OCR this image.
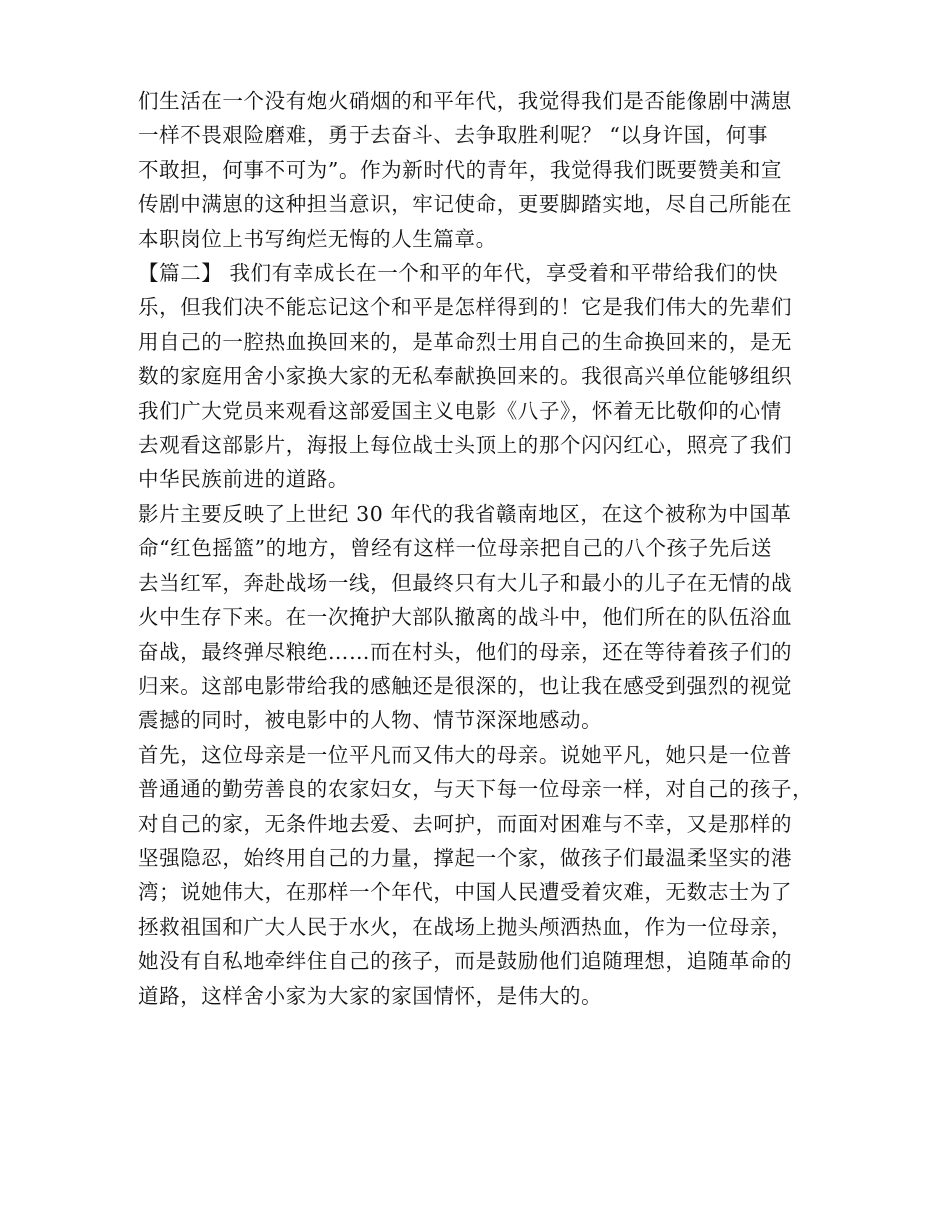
们生活在一个没有炮火硝烟的和平年代，我觉得我们是否能像剧中满崽
一样不畏艰险磨难，勇于去奋斗、去争取胜利呢？ “以身许国，何事
不敢担，何事不可为”。作为新时代的青年，我觉得我们既要赞美和宣
传剧中满崽的这种担当意识，牢记使命，更要脚踏实地，尽自己所能在
本职岗位上书写绚烂无悔的人生篇章。
【篇二】 我们有幸成长在一个和平的年代，享受着和平带给我们的快
乐，但我们决不能忘记这个和平是怎样得到的！它是我们伟大的先辈们
用自己的一腔热血换回来的，是革命烈士用自己的生命换回来的，是无
数的家庭用舍小家换大家的无私奉献换回来的。我很高兴单位能够组织
我们广大党员来观看这部爱国主义电影《八子》，怀着无比敬仰的心情
去观看这部影片，海报上每位战士头顶上的那个闪闪红心，照亮了我们
中华民族前进的道路。
影片主要反映了上世纪 30 年代的我省赣南地区，在这个被称为中国革
命“红色摇篮”的地方，曾经有这样一位母亲把自己的八个孩子先后送
去当红军，奔赴战场一线，但最终只有大儿子和最小的儿子在无情的战
火中生存下来。在一次掩护大部队撤离的战斗中，他们所在的队伍浴血
奋战，最终弹尽粮绝……而在村头，他们的母亲，还在等待着孩子们的
归来。这部电影带给我的感触还是很深的，也让我在感受到强烈的视觉
震撼的同时，被电影中的人物、情节深深地感动。
首先，这位母亲是一位平凡而又伟大的母亲。说她平凡，她只是一位普
普通通的勤劳善良的农家妇女，与天下每一位母亲一样，对自己的孩子，
对自己的家，无条件地去爱、去呵护，而面对困难与不幸，又是那样的
坚强隐忍，始终用自己的力量，撑起一个家，做孩子们最温柔坚实的港
湾；说她伟大，在那样一个年代，中国人民遭受着灾难，无数志士为了
拯救祖国和广大人民于水火，在战场上抛头颅洒热血，作为一位母亲，
她没有自私地牵绊住自己的孩子，而是鼓励他们追随理想，追随革命的
道路，这样舍小家为大家的家国情怀，是伟大的。
